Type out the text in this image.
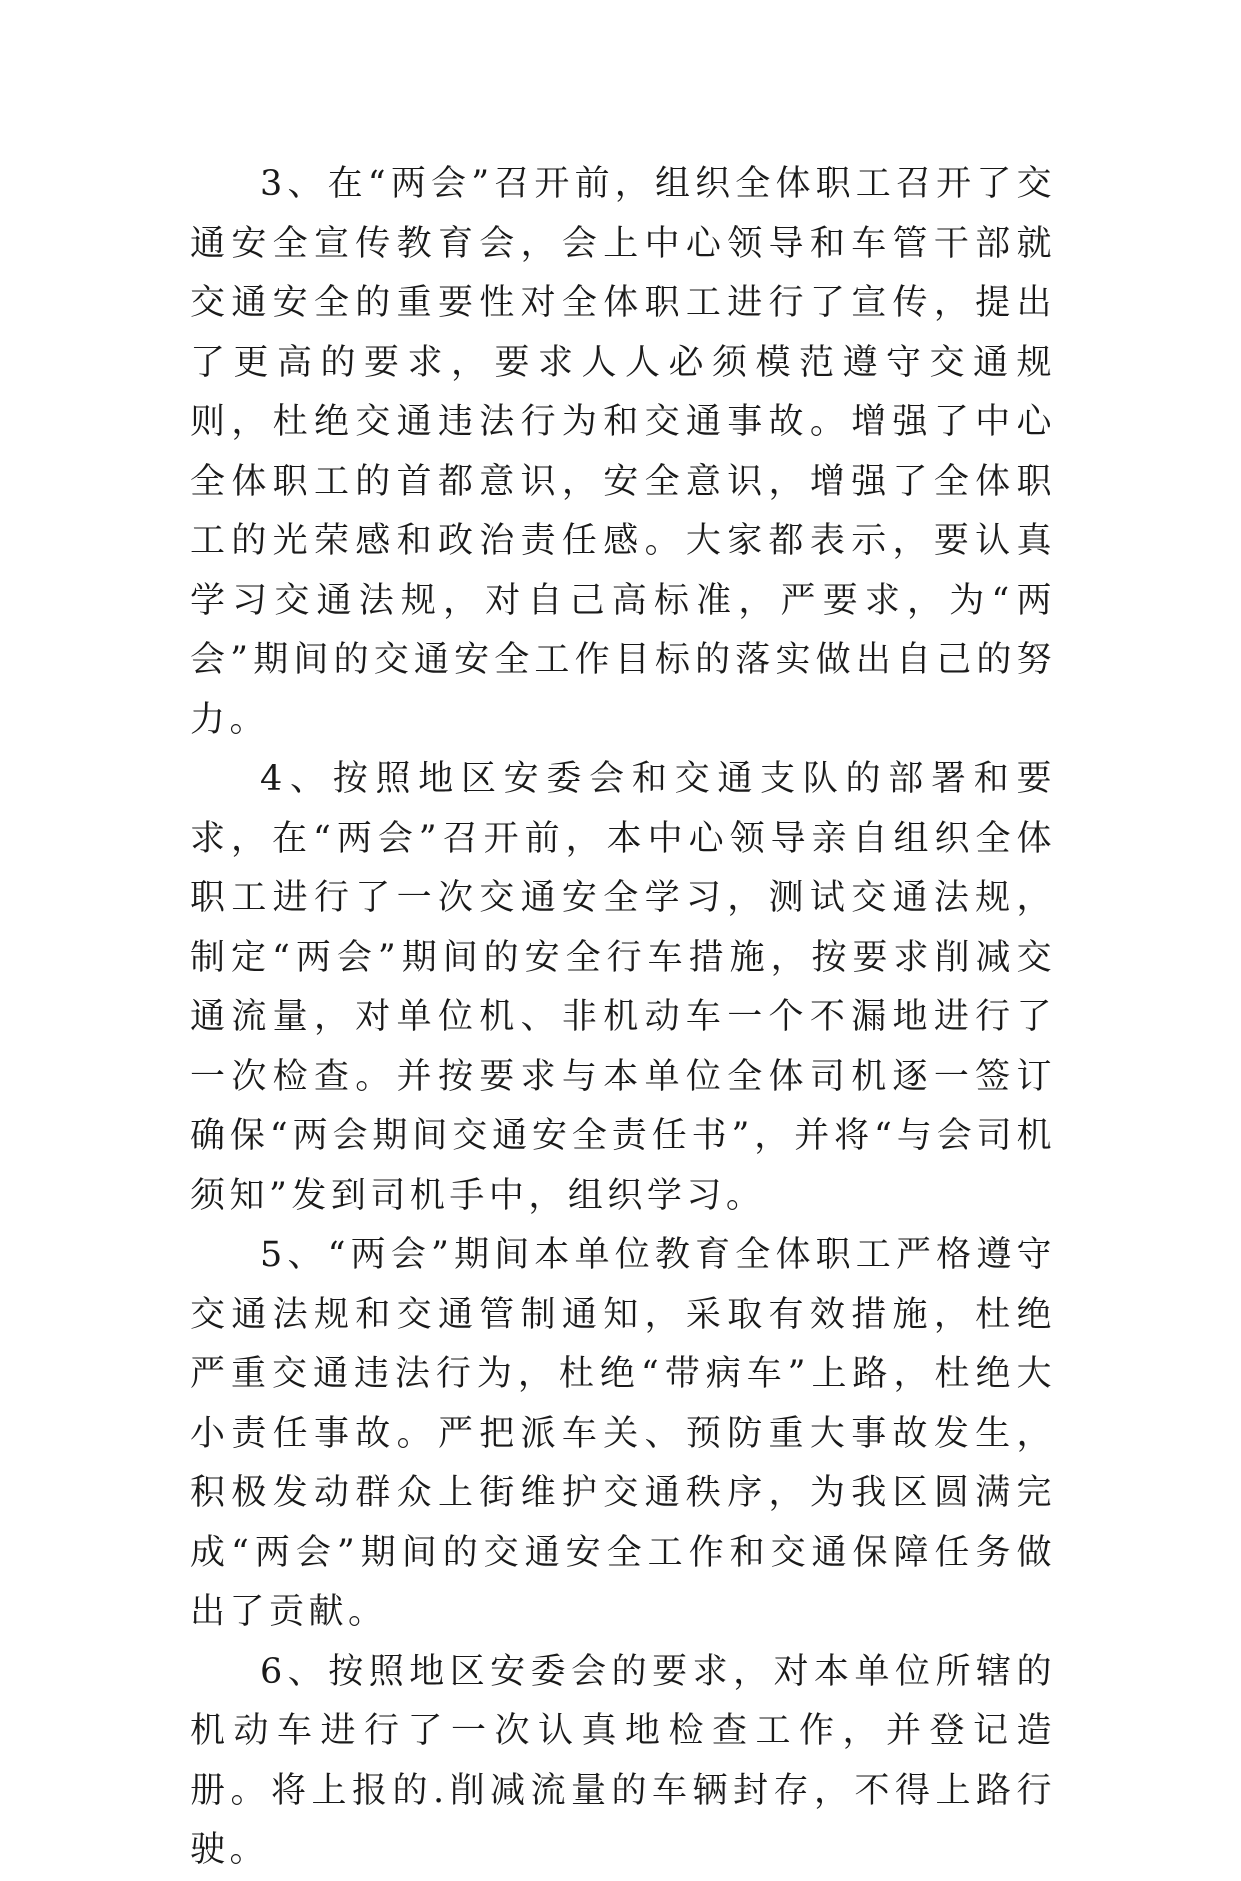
3、在“两会”召开前，组织全体职工召开了交通安全宣传教育会，会上中心领导和车管干部就交通安全的重要性对全体职工进行了宣传，提出了更高的要求，要求人人必须模范遵守交通规则，杜绝交通违法行为和交通事故。增强了中心全体职工的首都意识，安全意识，增强了全体职工的光荣感和政治责任感。大家都表示，要认真学习交通法规，对自己高标准，严要求，为“两会”期间的交通安全工作目标的落实做出自己的努力。

4、按照地区安委会和交通支队的部署和要求，在“两会”召开前，本中心领导亲自组织全体职工进行了一次交通安全学习，测试交通法规，制定“两会”期间的安全行车措施，按要求削减交通流量，对单位机、非机动车一个不漏地进行了一次检查。并按要求与本单位全体司机逐一签订确保“两会期间交通安全责任书”，并将“与会司机须知”发到司机手中，组织学习。

5、“两会”期间本单位教育全体职工严格遵守交通法规和交通管制通知，采取有效措施，杜绝严重交通违法行为，杜绝“带病车”上路，杜绝大小责任事故。严把派车关、预防重大事故发生，积极发动群众上街维护交通秩序，为我区圆满完成“两会”期间的交通安全工作和交通保障任务做出了贡献。

6、按照地区安委会的要求，对本单位所辖的机动车进行了一次认真地检查工作，并登记造册。将上报的.削减流量的车辆封存，不得上路行驶。
